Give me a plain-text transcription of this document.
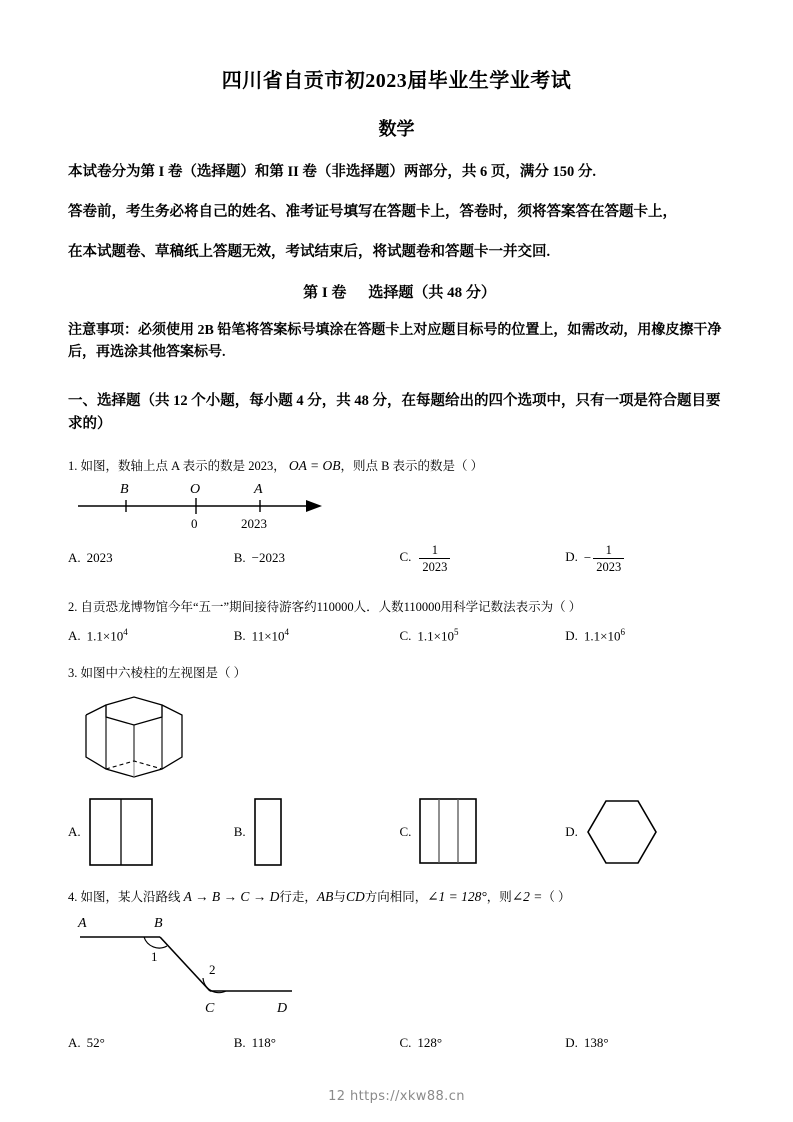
四川省自贡市初2023届毕业生学业考试
数学

本试卷分为第 I 卷（选择题）和第 II 卷（非选择题）两部分，共 6 页，满分 150 分.

答卷前，考生务必将自己的姓名、准考证号填写在答题卡上，答卷时，须将答案答在答题卡上，

在本试题卷、草稿纸上答题无效，考试结束后，将试题卷和答题卡一并交回.

第 I 卷 选择题（共 48 分）

注意事项：必须使用 2B 铅笔将答案标号填涂在答题卡上对应题目标号的位置上，如需改动，用橡皮擦干净后，再选涂其他答案标号.

一、选择题（共 12 个小题，每小题 4 分，共 48 分，在每题给出的四个选项中，只有一项是符合题目要求的）

1. 如图，数轴上点 A 表示的数是 2023， OA = OB，则点 B 表示的数是（ ）

B	O	A
0	2023
A. 2023	B. −2023	C. $\frac{1}{2023}$	D. − $\frac{1}{2023}$

2. 自贡恐龙博物馆今年“五一”期间接待游客约110000人．人数110000用科学记数法表示为（ ）

A. $1.1\times 10^4$	B. $11\times 10^4$	C. $1.1\times 10^5$	D. $1.1\times 10^6$

3. 如图中六棱柱的左视图是（ ）

A.	B.	C.	D.

4. 如图，某人沿路线 A → B → C → D行走，AB与CD方向相同，∠1 = 128°，则∠2 =（ ）

A	B
C	D
1
2
A. 52°	B. 118°	C. 128°	D. 138°
12 https://xkw88.cn
